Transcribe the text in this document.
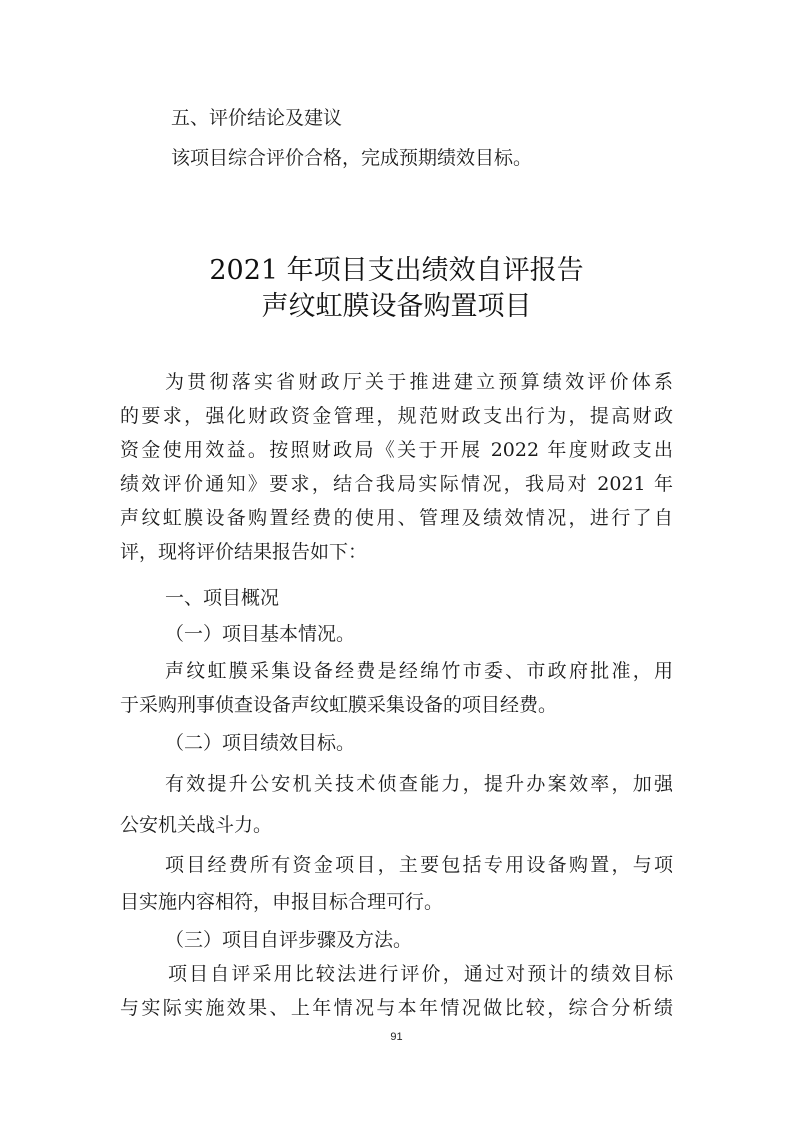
五、评价结论及建议
该项目综合评价合格，完成预期绩效目标。
2021 年项目支出绩效自评报告
声纹虹膜设备购置项目
为贯彻落实省财政厅关于推进建立预算绩效评价体系
的要求，强化财政资金管理，规范财政支出行为，提高财政
资金使用效益。按照财政局《关于开展 2022 年度财政支出
绩效评价通知》要求，结合我局实际情况，我局对 2021 年
声纹虹膜设备购置经费的使用、管理及绩效情况，进行了自
评，现将评价结果报告如下：
一、项目概况
（一）项目基本情况。
声纹虹膜采集设备经费是经绵竹市委、市政府批准，用
于采购刑事侦查设备声纹虹膜采集设备的项目经费。
（二）项目绩效目标。
有效提升公安机关技术侦查能力，提升办案效率，加强
公安机关战斗力。
项目经费所有资金项目，主要包括专用设备购置，与项
目实施内容相符，申报目标合理可行。
（三）项目自评步骤及方法。
项目自评采用比较法进行评价，通过对预计的绩效目标
与实际实施效果、上年情况与本年情况做比较，综合分析绩
91
